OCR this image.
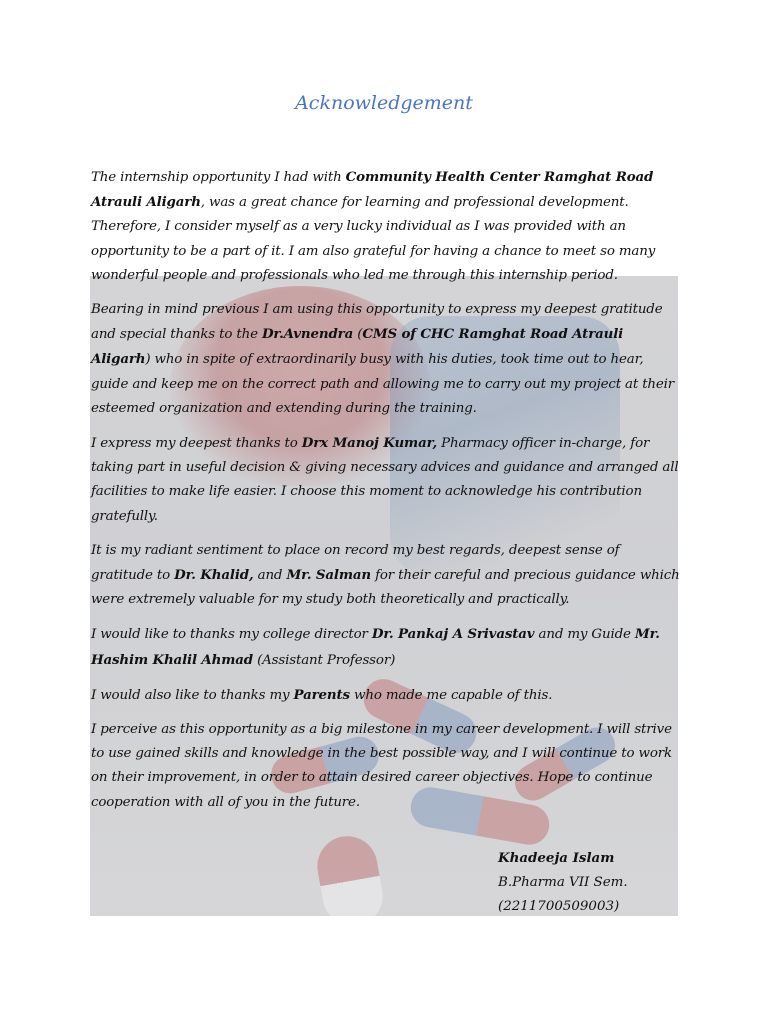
Acknowledgement

The internship opportunity I had with Community Health Center Ramghat Road Atrauli Aligarh, was a great chance for learning and professional development. Therefore, I consider myself as a very lucky individual as I was provided with an opportunity to be a part of it. I am also grateful for having a chance to meet so many wonderful people and professionals who led me through this internship period.

Bearing in mind previous I am using this opportunity to express my deepest gratitude and special thanks to the Dr.Avnendra (CMS of CHC Ramghat Road Atrauli Aligarh) who in spite of extraordinarily busy with his duties, took time out to hear, guide and keep me on the correct path and allowing me to carry out my project at their esteemed organization and extending during the training.

I express my deepest thanks to Drx Manoj Kumar, Pharmacy officer in-charge, for taking part in useful decision & giving necessary advices and guidance and arranged all facilities to make life easier. I choose this moment to acknowledge his contribution gratefully.

It is my radiant sentiment to place on record my best regards, deepest sense of gratitude to Dr. Khalid, and Mr. Salman for their careful and precious guidance which were extremely valuable for my study both theoretically and practically.

I would like to thanks my college director Dr. Pankaj A Srivastav and my Guide Mr. Hashim Khalil Ahmad (Assistant Professor)

I would also like to thanks my Parents who made me capable of this.

I perceive as this opportunity as a big milestone in my career development. I will strive to use gained skills and knowledge in the best possible way, and I will continue to work on their improvement, in order to attain desired career objectives. Hope to continue cooperation with all of you in the future.

Khadeeja Islam
B.Pharma VII Sem.
(2211700509003)
